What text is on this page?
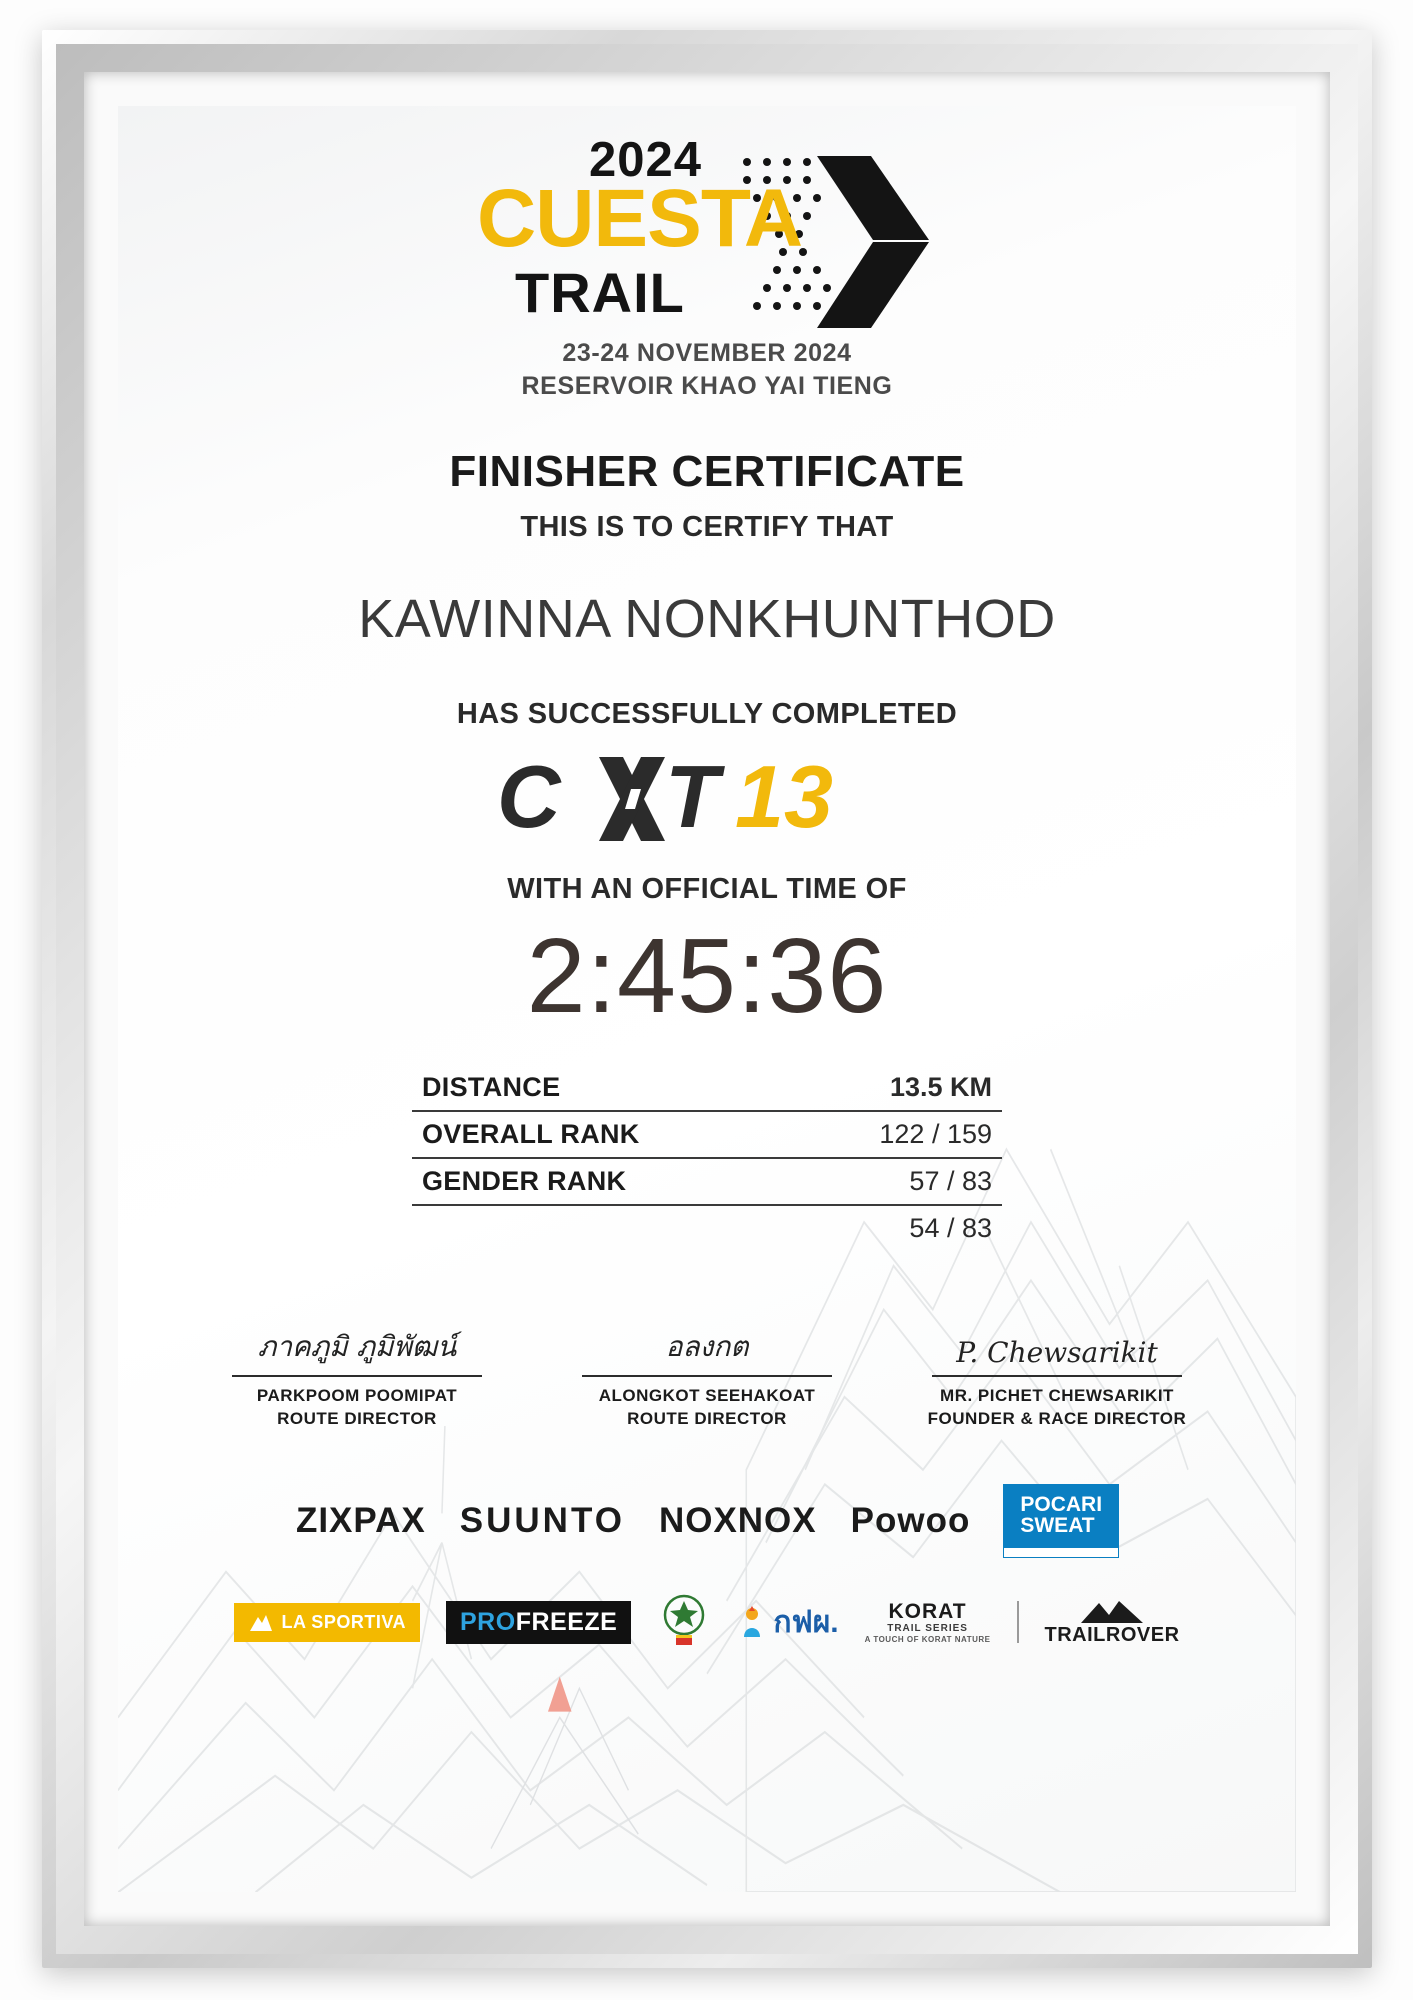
2024
CUESTA
TRAIL
23-24 NOVEMBER 2024
RESERVOIR KHAO YAI TIENG
FINISHER CERTIFICATE
THIS IS TO CERTIFY THAT
KAWINNA NONKHUNTHOD
HAS SUCCESSFULLY COMPLETED
C T 13
WITH AN OFFICIAL TIME OF
2:45:36
DISTANCE	13.5 KM
OVERALL RANK	122 / 159
GENDER RANK	57 / 83
	54 / 83
ภาคภูมิ ภูมิพัฒน์
PARKPOOM POOMIPAT
ROUTE DIRECTOR
อลงกต
ALONGKOT SEEHAKOAT
ROUTE DIRECTOR
P. Chewsarikit
MR. PICHET CHEWSARIKIT
FOUNDER & RACE DIRECTOR
ZIXPAX SUUNTO NOXNOX Powoo POCARI
SWEAT
LA SPORTIVA	PROFREEZE	กฟผ.	KORAT
TRAIL SERIES
A TOUCH OF KORAT NATURE	TRAILROVER
